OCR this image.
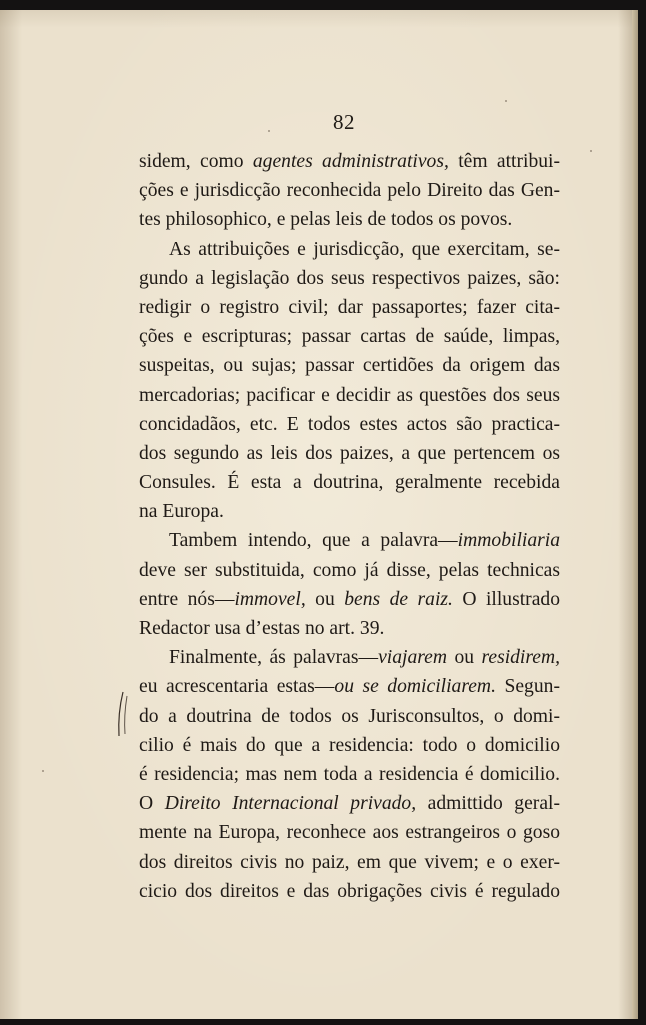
82
sidem, como agentes administrativos, têm attribui-
ções e jurisdicção reconhecida pelo Direito das Gen-
tes philosophico, e pelas leis de todos os povos.
As attribuições e jurisdicção, que exercitam, se-
gundo a legislação dos seus respectivos paizes, são:
redigir o registro civil; dar passaportes; fazer cita-
ções e escripturas; passar cartas de saúde, limpas,
suspeitas, ou sujas; passar certidões da origem das
mercadorias; pacificar e decidir as questões dos seus
concidadãos, etc. E todos estes actos são practica-
dos segundo as leis dos paizes, a que pertencem os
Consules. É esta a doutrina, geralmente recebida
na Europa.
Tambem intendo, que a palavra—immobiliaria
deve ser substituida, como já disse, pelas technicas
entre nós—immovel, ou bens de raiz. O illustrado
Redactor usa d’estas no art. 39.
Finalmente, ás palavras—viajarem ou residirem,
eu acrescentaria estas—ou se domiciliarem. Segun-
do a doutrina de todos os Jurisconsultos, o domi-
cilio é mais do que a residencia: todo o domicilio
é residencia; mas nem toda a residencia é domicilio.
O Direito Internacional privado, admittido geral-
mente na Europa, reconhece aos estrangeiros o goso
dos direitos civis no paiz, em que vivem; e o exer-
cicio dos direitos e das obrigações civis é regulado
